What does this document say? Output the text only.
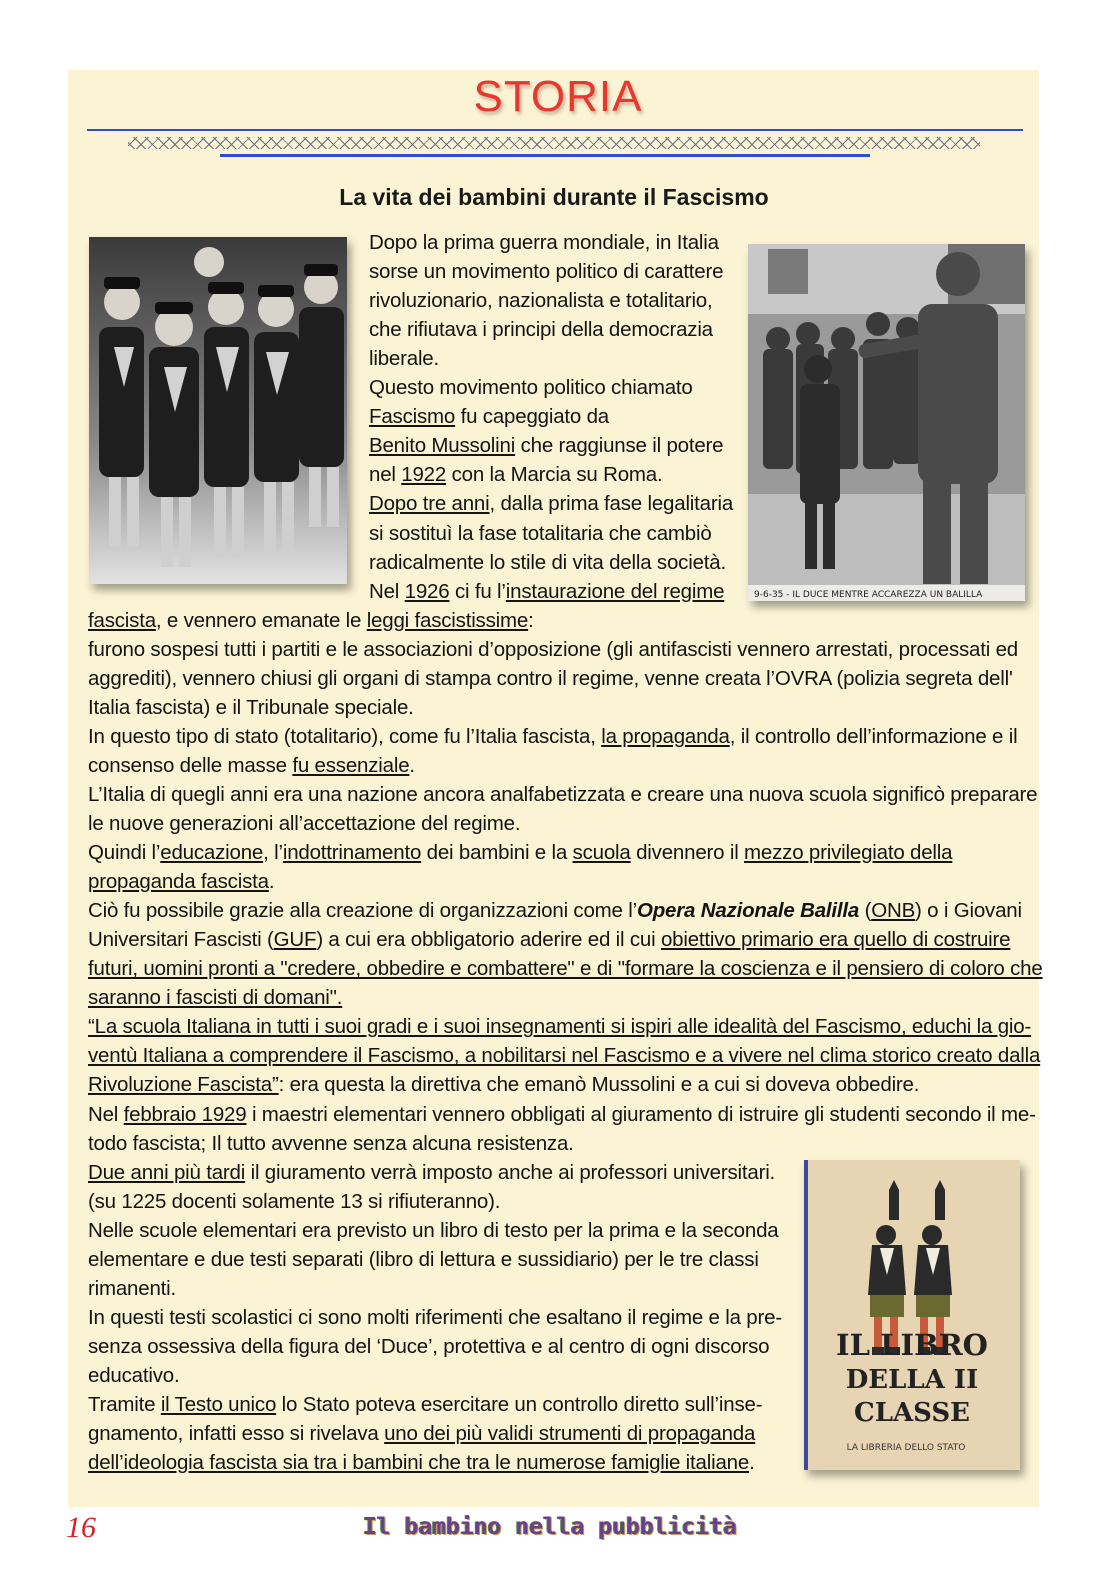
STORIA
La vita dei bambini durante il Fascismo
9-6-35 - IL DUCE MENTRE ACCAREZZA UN BALILLA
IL LIBRO
DELLA II
CLASSE
LA LIBRERIA DELLO STATO
Dopo la prima guerra mondiale, in Italia
sorse un movimento politico di carattere
rivoluzionario, nazionalista e totalitario,
che rifiutava i principi della democrazia
liberale.
Questo movimento politico chiamato
Fascismo fu capeggiato da
Benito Mussolini che raggiunse il potere
nel 1922 con la Marcia su Roma.
Dopo tre anni, dalla prima fase legalitaria
si sostituì la fase totalitaria che cambiò
radicalmente lo stile di vita della società.
Nel 1926 ci fu l’instaurazione del regime
fascista, e vennero emanate le leggi fascistissime:
furono sospesi tutti i partiti e le associazioni d’opposizione (gli antifascisti vennero arrestati, processati ed
aggrediti), vennero chiusi gli organi di stampa contro il regime, venne creata l’OVRA (polizia segreta dell'
Italia fascista) e il Tribunale speciale.
In questo tipo di stato (totalitario), come fu l’Italia fascista, la propaganda, il controllo dell’informazione e il
consenso delle masse fu essenziale.
L’Italia di quegli anni era una nazione ancora analfabetizzata e creare una nuova scuola significò preparare
le nuove generazioni all’accettazione del regime.
Quindi l’educazione, l’indottrinamento dei bambini e la scuola divennero il mezzo privilegiato della
propaganda fascista.
Ciò fu possibile grazie alla creazione di organizzazioni come l’Opera Nazionale Balilla (ONB) o i Giovani
Universitari Fascisti (GUF) a cui era obbligatorio aderire ed il cui obiettivo primario era quello di costruire
futuri, uomini pronti a "credere, obbedire e combattere" e di "formare la coscienza e il pensiero di coloro che
saranno i fascisti di domani".
“La scuola Italiana in tutti i suoi gradi e i suoi insegnamenti si ispiri alle idealità del Fascismo, educhi la gio-
ventù Italiana a comprendere il Fascismo, a nobilitarsi nel Fascismo e a vivere nel clima storico creato dalla
Rivoluzione Fascista”: era questa la direttiva che emanò Mussolini e a cui si doveva obbedire.
Nel febbraio 1929 i maestri elementari vennero obbligati al giuramento di istruire gli studenti secondo il me-
todo fascista; Il tutto avvenne senza alcuna resistenza.
Due anni più tardi il giuramento verrà imposto anche ai professori universitari.
(su 1225 docenti solamente 13 si rifiuteranno).
Nelle scuole elementari era previsto un libro di testo per la prima e la seconda
elementare e due testi separati (libro di lettura e sussidiario) per le tre classi
rimanenti.
In questi testi scolastici ci sono molti riferimenti che esaltano il regime e la pre-
senza ossessiva della figura del ‘Duce’, protettiva e al centro di ogni discorso
educativo.
Tramite il Testo unico lo Stato poteva esercitare un controllo diretto sull’inse-
gnamento, infatti esso si rivelava uno dei più validi strumenti di propaganda
dell’ideologia fascista sia tra i bambini che tra le numerose famiglie italiane.
16	Il bambino nella pubblicità
